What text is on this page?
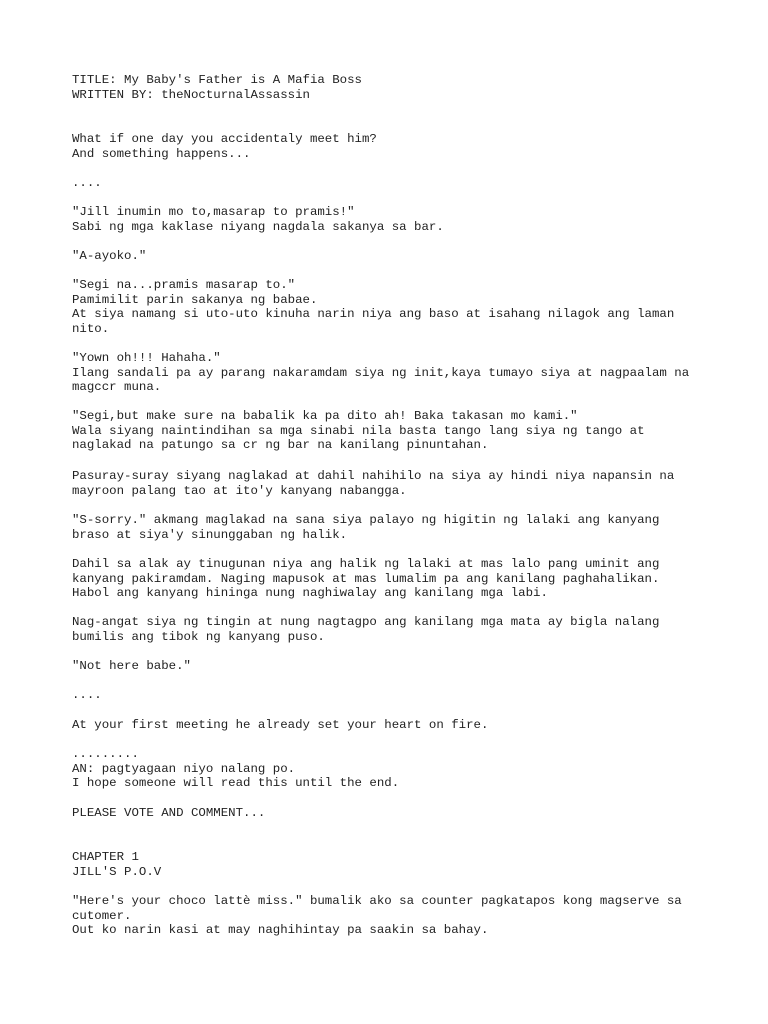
TITLE: My Baby's Father is A Mafia Boss
WRITTEN BY: theNocturnalAssassin
What if one day you accidentaly meet him?
And something happens...
....
"Jill inumin mo to,masarap to pramis!"
Sabi ng mga kaklase niyang nagdala sakanya sa bar.
"A-ayoko."
"Segi na...pramis masarap to."
Pamimilit parin sakanya ng babae.
At siya namang si uto-uto kinuha narin niya ang baso at isahang nilagok ang laman
nito.
"Yown oh!!! Hahaha."
Ilang sandali pa ay parang nakaramdam siya ng init,kaya tumayo siya at nagpaalam na
magccr muna.
"Segi,but make sure na babalik ka pa dito ah! Baka takasan mo kami."
Wala siyang naintindihan sa mga sinabi nila basta tango lang siya ng tango at
naglakad na patungo sa cr ng bar na kanilang pinuntahan.
Pasuray-suray siyang naglakad at dahil nahihilo na siya ay hindi niya napansin na
mayroon palang tao at ito'y kanyang nabangga.
"S-sorry." akmang maglakad na sana siya palayo ng higitin ng lalaki ang kanyang
braso at siya'y sinunggaban ng halik.
Dahil sa alak ay tinugunan niya ang halik ng lalaki at mas lalo pang uminit ang
kanyang pakiramdam. Naging mapusok at mas lumalim pa ang kanilang paghahalikan.
Habol ang kanyang hininga nung naghiwalay ang kanilang mga labi.
Nag-angat siya ng tingin at nung nagtagpo ang kanilang mga mata ay bigla nalang
bumilis ang tibok ng kanyang puso.
"Not here babe."
....
At your first meeting he already set your heart on fire.
.........
AN: pagtyagaan niyo nalang po.
I hope someone will read this until the end.
PLEASE VOTE AND COMMENT...
CHAPTER 1
JILL'S P.O.V
"Here's your choco lattè miss." bumalik ako sa counter pagkatapos kong magserve sa
cutomer.
Out ko narin kasi at may naghihintay pa saakin sa bahay.
